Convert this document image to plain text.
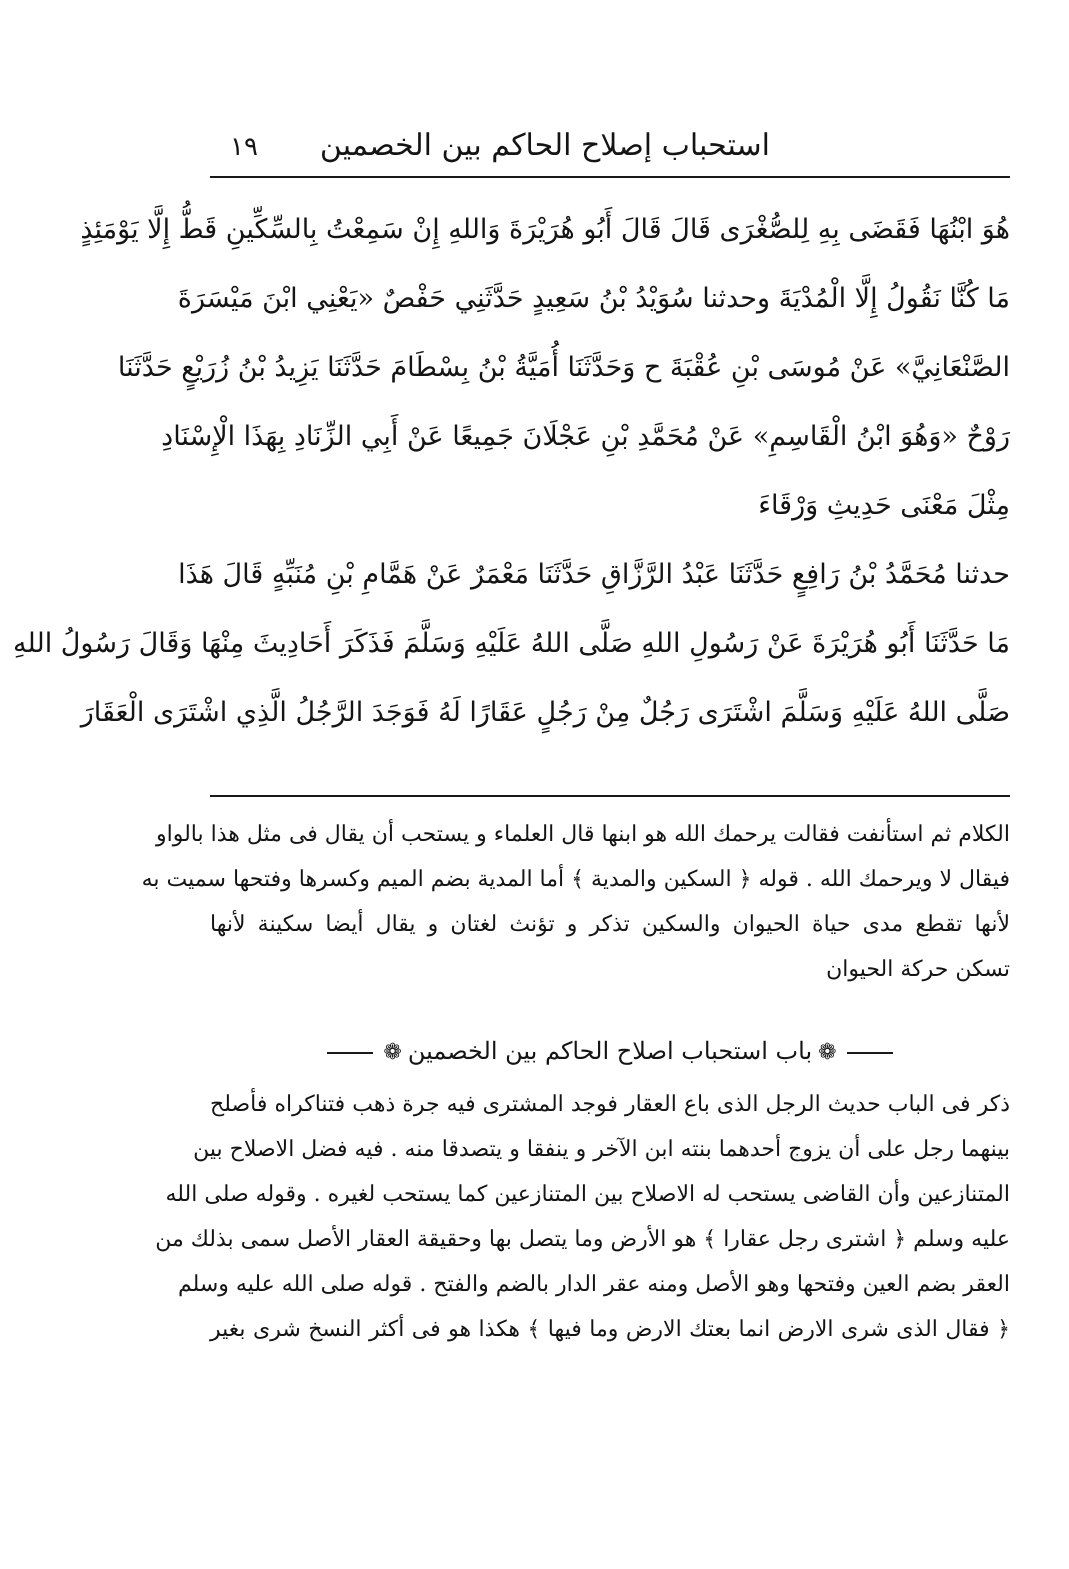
استحباب إصلاح الحاكم بين الخصمين
١٩
هُوَ ابْنُهَا فَقَضَى بِهِ لِلصُّغْرَى قَالَ قَالَ أَبُو هُرَيْرَةَ وَاللهِ إِنْ سَمِعْتُ بِالسِّكِّينِ قَطُّ إِلَّا يَوْمَئِذٍ
مَا كُنَّا نَقُولُ إِلَّا الْمُدْيَةَ وحدثنا سُوَيْدُ بْنُ سَعِيدٍ حَدَّثَنِي حَفْصٌ «يَعْنِي ابْنَ مَيْسَرَةَ
الصَّنْعَانِيَّ» عَنْ مُوسَى بْنِ عُقْبَةَ ح وَحَدَّثَنَا أُمَيَّةُ بْنُ بِسْطَامَ حَدَّثَنَا يَزِيدُ بْنُ زُرَيْعٍ حَدَّثَنَا
رَوْحٌ «وَهُوَ ابْنُ الْقَاسِمِ» عَنْ مُحَمَّدِ بْنِ عَجْلَانَ جَمِيعًا عَنْ أَبِي الزِّنَادِ بِهَذَا الْإِسْنَادِ
مِثْلَ مَعْنَى حَدِيثِ وَرْقَاءَ
حدثنا مُحَمَّدُ بْنُ رَافِعٍ حَدَّثَنَا عَبْدُ الرَّزَّاقِ حَدَّثَنَا مَعْمَرٌ عَنْ هَمَّامِ بْنِ مُنَبِّهٍ قَالَ هَذَا
مَا حَدَّثَنَا أَبُو هُرَيْرَةَ عَنْ رَسُولِ اللهِ صَلَّى اللهُ عَلَيْهِ وَسَلَّمَ فَذَكَرَ أَحَادِيثَ مِنْهَا وَقَالَ رَسُولُ اللهِ
صَلَّى اللهُ عَلَيْهِ وَسَلَّمَ اشْتَرَى رَجُلٌ مِنْ رَجُلٍ عَقَارًا لَهُ فَوَجَدَ الرَّجُلُ الَّذِي اشْتَرَى الْعَقَارَ
الكلام ثم استأنفت فقالت يرحمك الله هو ابنها قال العلماء و يستحب أن يقال فى مثل هذا بالواو
فيقال لا ويرحمك الله . قوله ﴿ السكين والمدية ﴾ أما المدية بضم الميم وكسرها وفتحها سميت به
لأنها تقطع مدى حياة الحيوان والسكين تذكر و تؤنث لغتان و يقال أيضا سكينة لأنها
تسكن حركة الحيوان
❁باب استحباب اصلاح الحاكم بين الخصمين❁
ذكر فى الباب حديث الرجل الذى باع العقار فوجد المشترى فيه جرة ذهب فتناكراه فأصلح
بينهما رجل على أن يزوج أحدهما بنته ابن الآخر و ينفقا و يتصدقا منه . فيه فضل الاصلاح بين
المتنازعين وأن القاضى يستحب له الاصلاح بين المتنازعين كما يستحب لغيره . وقوله صلى الله
عليه وسلم ﴿ اشترى رجل عقارا ﴾ هو الأرض وما يتصل بها وحقيقة العقار الأصل سمى بذلك من
العقر بضم العين وفتحها وهو الأصل ومنه عقر الدار بالضم والفتح . قوله صلى الله عليه وسلم
﴿ فقال الذى شرى الارض انما بعتك الارض وما فيها ﴾ هكذا هو فى أكثر النسخ شرى بغير
